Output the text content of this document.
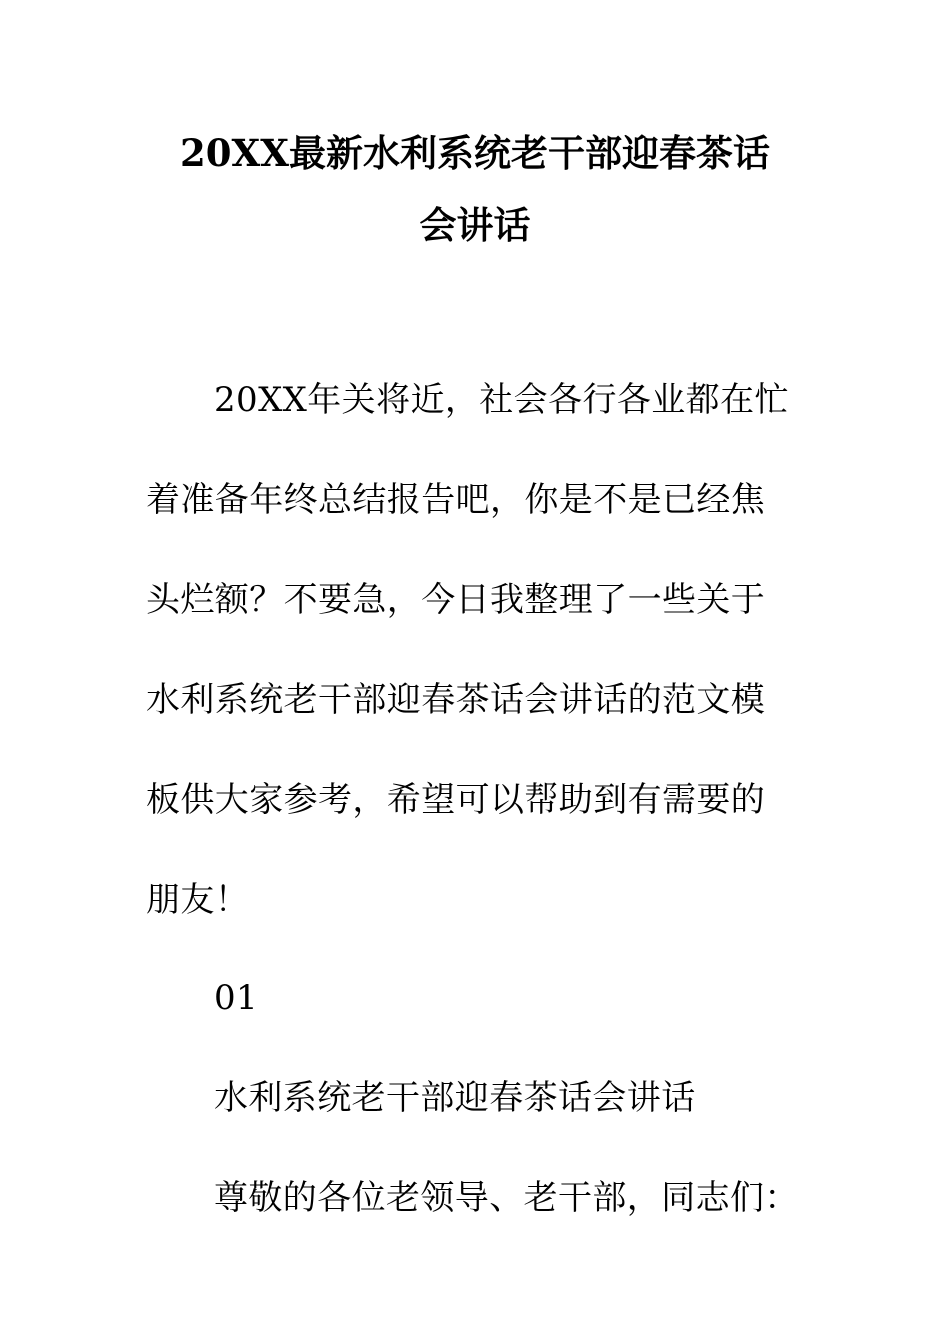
20XX最新水利系统老干部迎春茶话
会讲话
20XX年关将近，社会各行各业都在忙
着准备年终总结报告吧，你是不是已经焦
头烂额？不要急，今日我整理了一些关于
水利系统老干部迎春茶话会讲话的范文模
板供大家参考，希望可以帮助到有需要的
朋友！
01
水利系统老干部迎春茶话会讲话
尊敬的各位老领导、老干部，同志们：
